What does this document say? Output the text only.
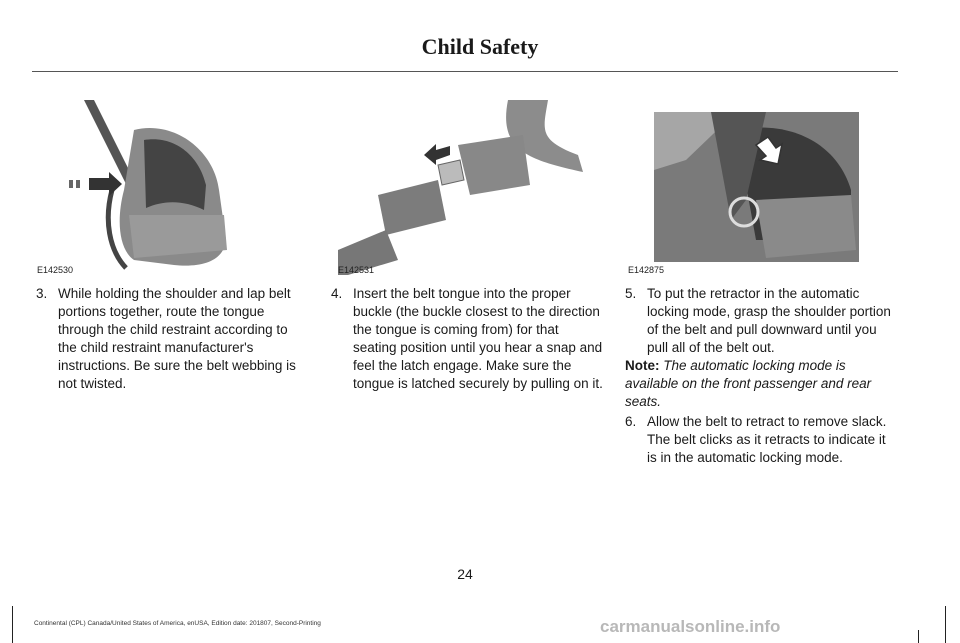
Child Safety
E142530	E142531	E142875
3. While holding the shoulder and lap belt portions together, route the tongue through the child restraint according to the child restraint manufacturer's instructions. Be sure the belt webbing is not twisted.
4. Insert the belt tongue into the proper buckle (the buckle closest to the direction the tongue is coming from) for that seating position until you hear a snap and feel the latch engage. Make sure the tongue is latched securely by pulling on it.
5. To put the retractor in the automatic locking mode, grasp the shoulder portion of the belt and pull downward until you pull all of the belt out.
Note: The automatic locking mode is available on the front passenger and rear seats.
6. Allow the belt to retract to remove slack. The belt clicks as it retracts to indicate it is in the automatic locking mode.
24
Continental (CPL) Canada/United States of America, enUSA, Edition date: 201807, Second-Printing	carmanualsonline.info
